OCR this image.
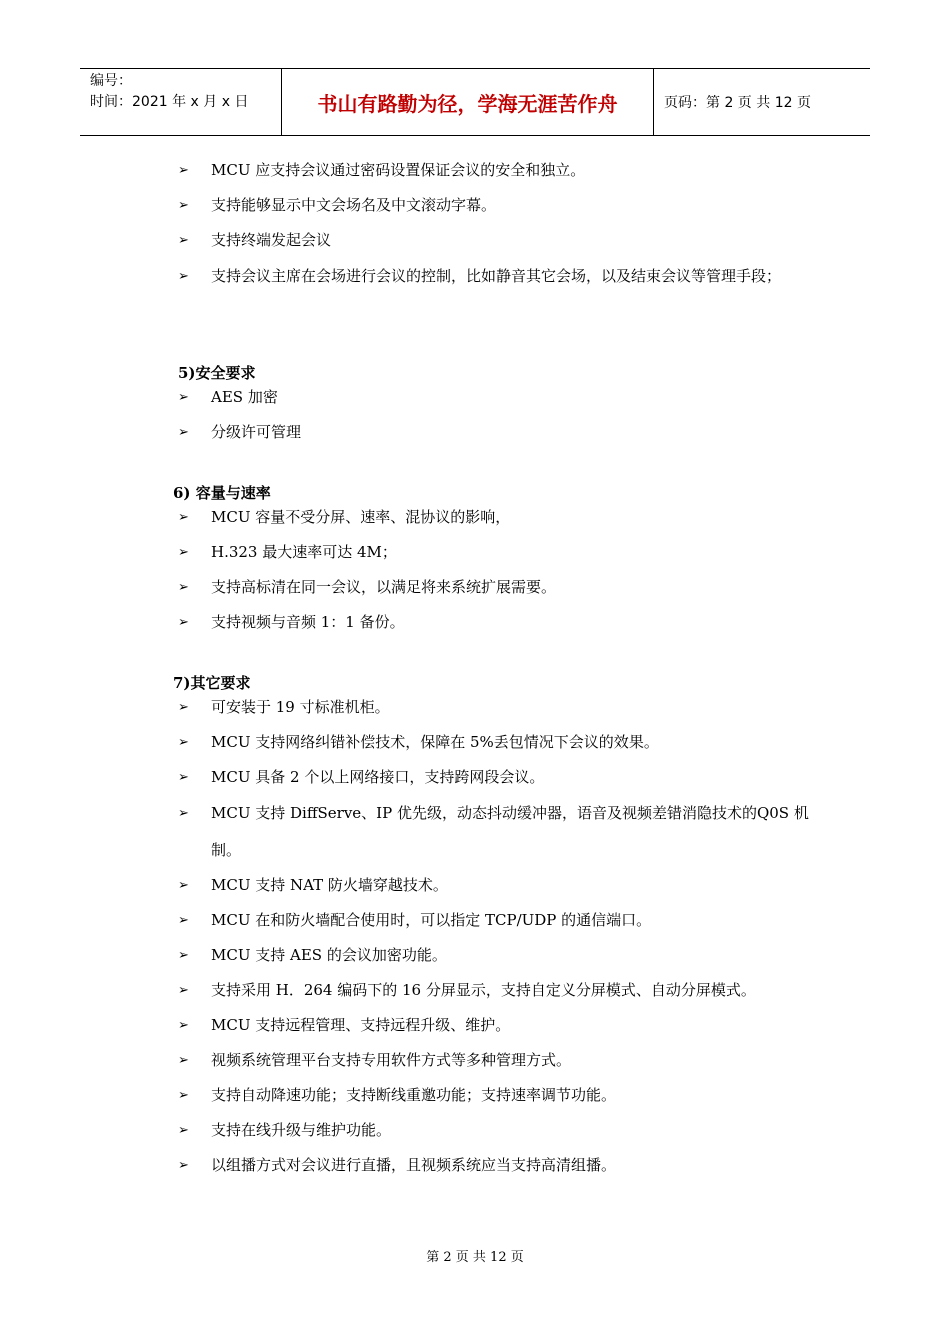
编号：
时间：2021 年 x 月 x 日	书山有路勤为径，学海无涯苦作舟	页码：第 2 页 共 12 页
➢	MCU 应支持会议通过密码设置保证会议的安全和独立。
➢	支持能够显示中文会场名及中文滚动字幕。
➢	支持终端发起会议
➢	支持会议主席在会场进行会议的控制，比如静音其它会场，以及结束会议等管理手段；
5)安全要求
➢	AES 加密
➢	分级许可管理
6) 容量与速率
➢	MCU 容量不受分屏、速率、混协议的影响，
➢	H.323 最大速率可达 4M；
➢	支持高标清在同一会议，以满足将来系统扩展需要。
➢	支持视频与音频 1：1 备份。
7)其它要求
➢	可安装于 19 寸标准机柜。
➢	MCU 支持网络纠错补偿技术，保障在 5%丢包情况下会议的效果。
➢	MCU 具备 2 个以上网络接口，支持跨网段会议。
➢	MCU 支持 DiffServe、IP 优先级，动态抖动缓冲器，语音及视频差错消隐技术的Q0S 机制。
➢	MCU 支持 NAT 防火墙穿越技术。
➢	MCU 在和防火墙配合使用时，可以指定 TCP/UDP 的通信端口。
➢	MCU 支持 AES 的会议加密功能。
➢	支持采用 H．264 编码下的 16 分屏显示，支持自定义分屏模式、自动分屏模式。
➢	MCU 支持远程管理、支持远程升级、维护。
➢	视频系统管理平台支持专用软件方式等多种管理方式。
➢	支持自动降速功能；支持断线重邀功能；支持速率调节功能。
➢	支持在线升级与维护功能。
➢	以组播方式对会议进行直播，且视频系统应当支持高清组播。
第 2 页 共 12 页
